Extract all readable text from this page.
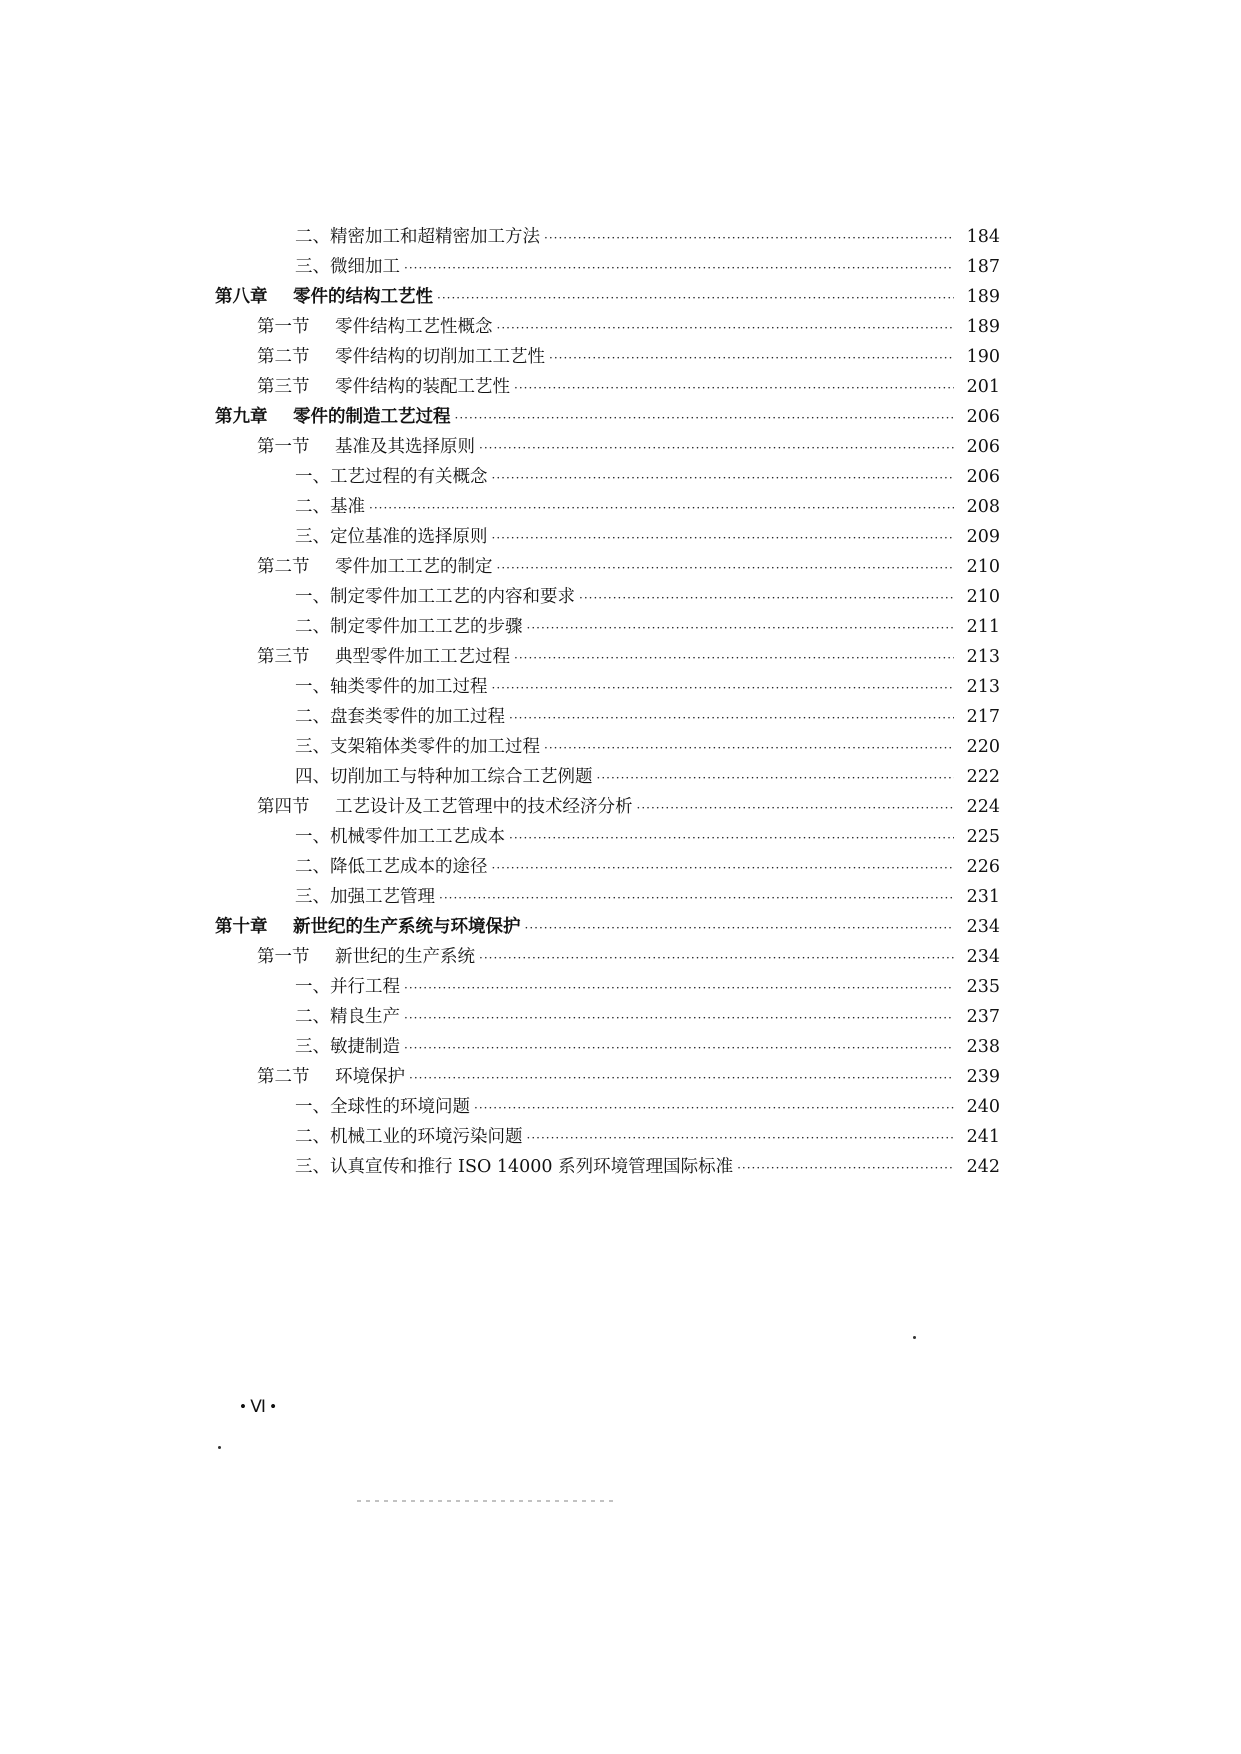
二、精密加工和超精密加工方法 ·····	184
三、微细加工 ·····	187
第八章 零件的结构工艺性 ·····	189
第一节 零件结构工艺性概念 ·····	189
第二节 零件结构的切削加工工艺性 ·····	190
第三节 零件结构的装配工艺性 ·····	201
第九章 零件的制造工艺过程 ·····	206
第一节 基准及其选择原则 ·····	206
一、工艺过程的有关概念 ·····	206
二、基准 ·····	208
三、定位基准的选择原则 ·····	209
第二节 零件加工工艺的制定 ·····	210
一、制定零件加工工艺的内容和要求 ·····	210
二、制定零件加工工艺的步骤 ·····	211
第三节 典型零件加工工艺过程 ·····	213
一、轴类零件的加工过程 ·····	213
二、盘套类零件的加工过程 ·····	217
三、支架箱体类零件的加工过程 ·····	220
四、切削加工与特种加工综合工艺例题 ·····	222
第四节 工艺设计及工艺管理中的技术经济分析 ·····	224
一、机械零件加工工艺成本 ·····	225
二、降低工艺成本的途径 ·····	226
三、加强工艺管理 ·····	231
第十章 新世纪的生产系统与环境保护 ·····	234
第一节 新世纪的生产系统 ·····	234
一、并行工程 ·····	235
二、精良生产 ·····	237
三、敏捷制造 ·····	238
第二节 环境保护 ·····	239
一、全球性的环境问题 ·····	240
二、机械工业的环境污染问题 ·····	241
三、认真宣传和推行 ISO 14000 系列环境管理国际标准 ·····	242
• Ⅵ •
